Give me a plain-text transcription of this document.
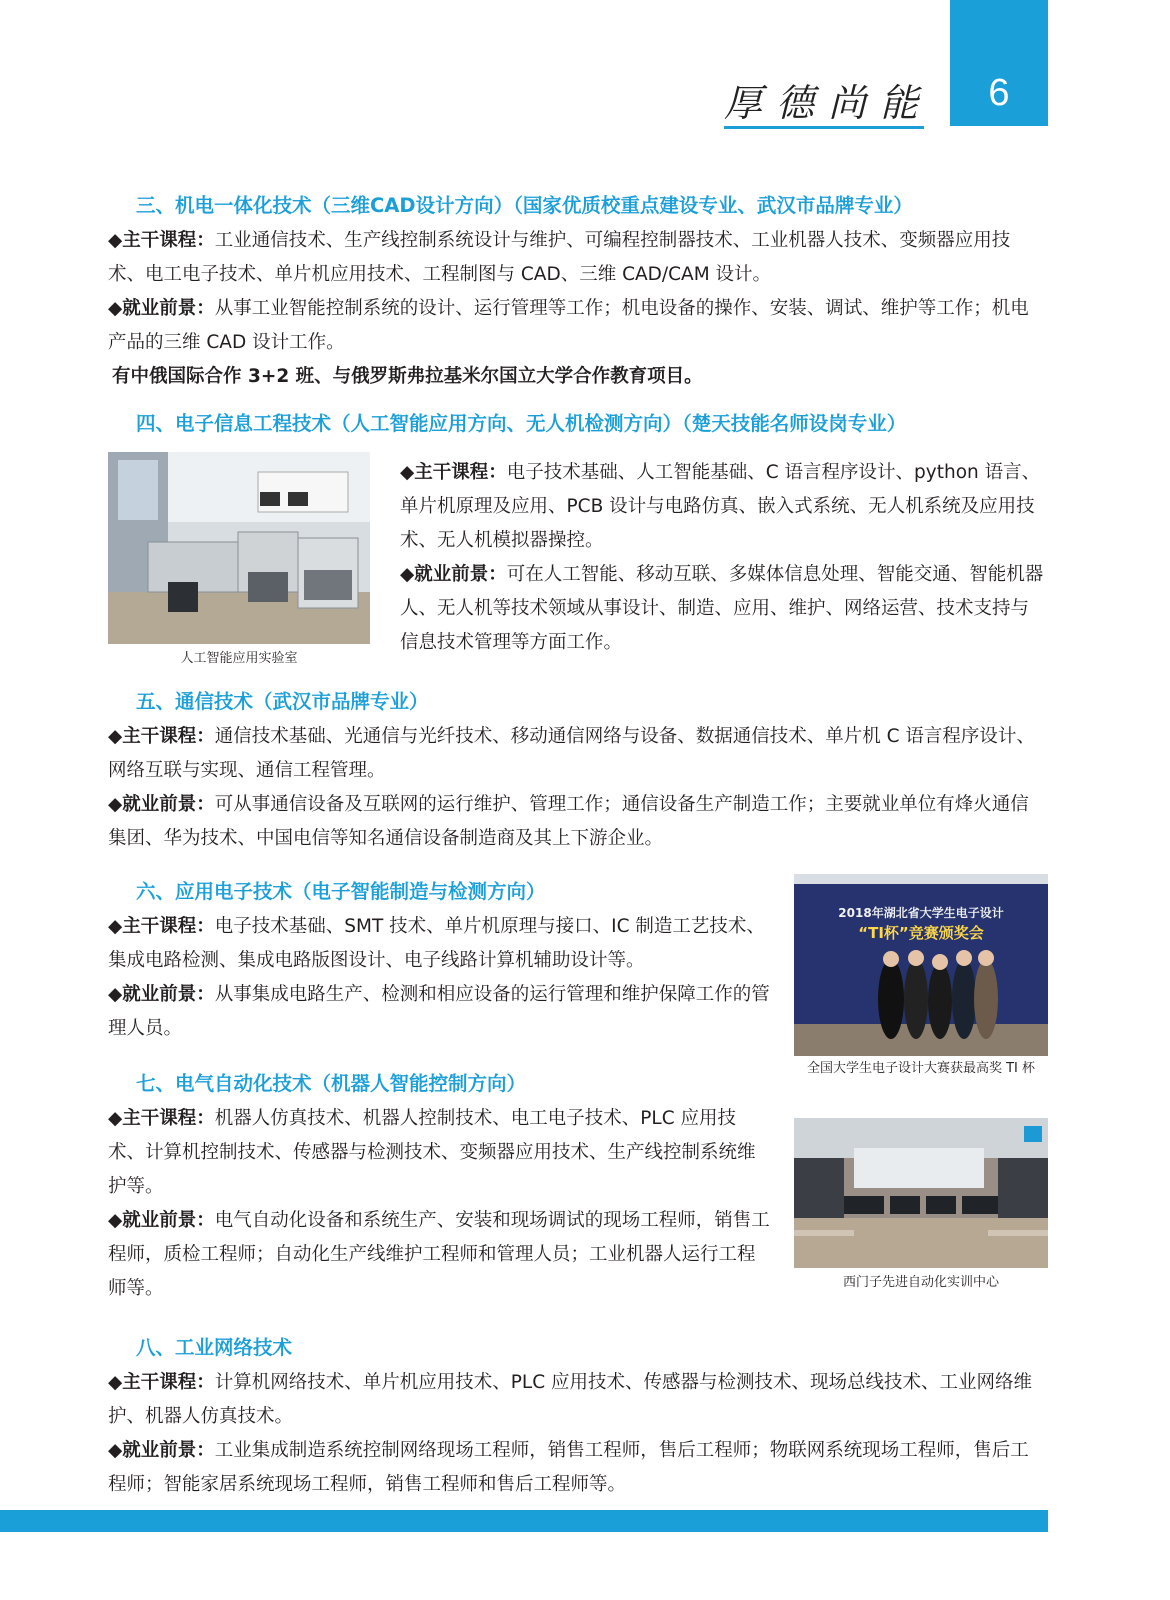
6
厚德尚能
三、机电一体化技术（三维CAD设计方向）（国家优质校重点建设专业、武汉市品牌专业）
◆主干课程：工业通信技术、生产线控制系统设计与维护、可编程控制器技术、工业机器人技术、变频器应用技术、电工电子技术、单片机应用技术、工程制图与 CAD、三维 CAD/CAM 设计。
◆就业前景：从事工业智能控制系统的设计、运行管理等工作；机电设备的操作、安装、调试、维护等工作；机电产品的三维 CAD 设计工作。
有中俄国际合作 3+2 班、与俄罗斯弗拉基米尔国立大学合作教育项目。
四、电子信息工程技术（人工智能应用方向、无人机检测方向）（楚天技能名师设岗专业）
人工智能应用实验室
◆主干课程：电子技术基础、人工智能基础、C 语言程序设计、python 语言、单片机原理及应用、PCB 设计与电路仿真、嵌入式系统、无人机系统及应用技术、无人机模拟器操控。
◆就业前景：可在人工智能、移动互联、多媒体信息处理、智能交通、智能机器人、无人机等技术领域从事设计、制造、应用、维护、网络运营、技术支持与信息技术管理等方面工作。
五、通信技术（武汉市品牌专业）
◆主干课程：通信技术基础、光通信与光纤技术、移动通信网络与设备、数据通信技术、单片机 C 语言程序设计、网络互联与实现、通信工程管理。
◆就业前景：可从事通信设备及互联网的运行维护、管理工作；通信设备生产制造工作；主要就业单位有烽火通信集团、华为技术、中国电信等知名通信设备制造商及其上下游企业。
六、应用电子技术（电子智能制造与检测方向）
◆主干课程：电子技术基础、SMT 技术、单片机原理与接口、IC 制造工艺技术、集成电路检测、集成电路版图设计、电子线路计算机辅助设计等。
◆就业前景：从事集成电路生产、检测和相应设备的运行管理和维护保障工作的管理人员。
2018年湖北省大学生电子设计
“TI杯”竞赛颁奖会
全国大学生电子设计大赛获最高奖 TI 杯
七、电气自动化技术（机器人智能控制方向）
◆主干课程：机器人仿真技术、机器人控制技术、电工电子技术、PLC 应用技术、计算机控制技术、传感器与检测技术、变频器应用技术、生产线控制系统维护等。
◆就业前景：电气自动化设备和系统生产、安装和现场调试的现场工程师，销售工程师，质检工程师；自动化生产线维护工程师和管理人员；工业机器人运行工程师等。	西门子先进自动化实训中心
八、工业网络技术
◆主干课程：计算机网络技术、单片机应用技术、PLC 应用技术、传感器与检测技术、现场总线技术、工业网络维护、机器人仿真技术。
◆就业前景：工业集成制造系统控制网络现场工程师，销售工程师，售后工程师；物联网系统现场工程师，售后工程师；智能家居系统现场工程师，销售工程师和售后工程师等。
